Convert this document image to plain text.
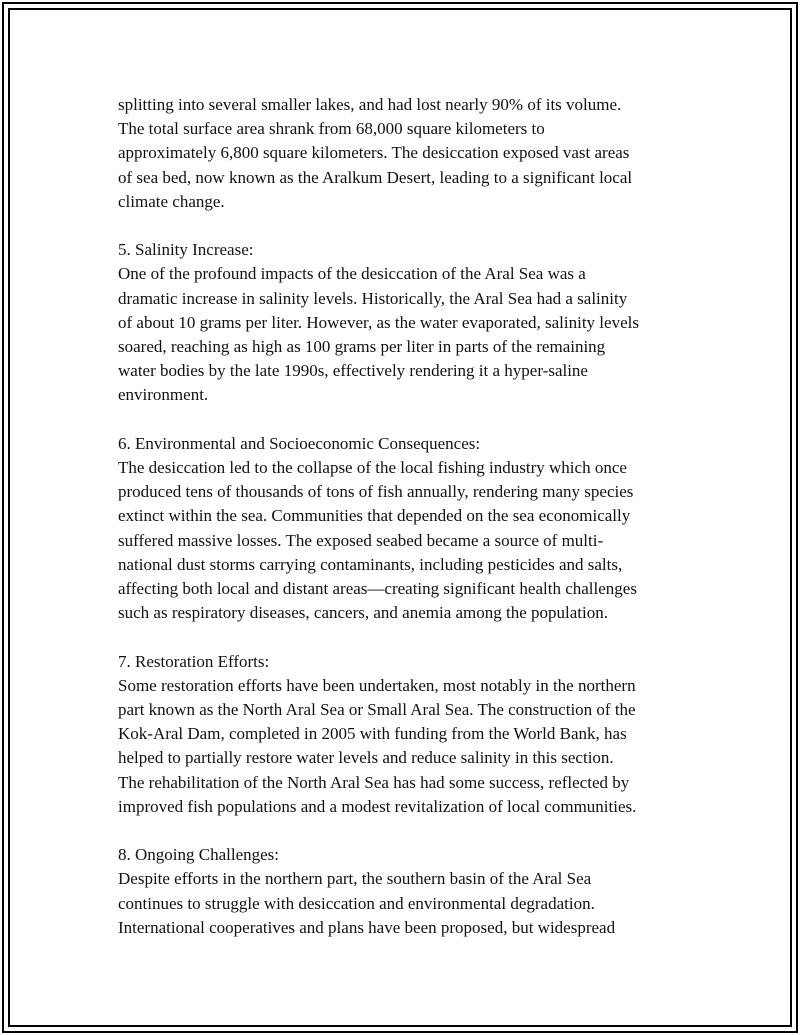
splitting into several smaller lakes, and had lost nearly 90% of its volume.
The total surface area shrank from 68,000 square kilometers to
approximately 6,800 square kilometers. The desiccation exposed vast areas
of sea bed, now known as the Aralkum Desert, leading to a significant local
climate change.
5. Salinity Increase:
One of the profound impacts of the desiccation of the Aral Sea was a
dramatic increase in salinity levels. Historically, the Aral Sea had a salinity
of about 10 grams per liter. However, as the water evaporated, salinity levels
soared, reaching as high as 100 grams per liter in parts of the remaining
water bodies by the late 1990s, effectively rendering it a hyper-saline
environment.
6. Environmental and Socioeconomic Consequences:
The desiccation led to the collapse of the local fishing industry which once
produced tens of thousands of tons of fish annually, rendering many species
extinct within the sea. Communities that depended on the sea economically
suffered massive losses. The exposed seabed became a source of multi-
national dust storms carrying contaminants, including pesticides and salts,
affecting both local and distant areas—creating significant health challenges
such as respiratory diseases, cancers, and anemia among the population.
7. Restoration Efforts:
Some restoration efforts have been undertaken, most notably in the northern
part known as the North Aral Sea or Small Aral Sea. The construction of the
Kok-Aral Dam, completed in 2005 with funding from the World Bank, has
helped to partially restore water levels and reduce salinity in this section.
The rehabilitation of the North Aral Sea has had some success, reflected by
improved fish populations and a modest revitalization of local communities.
8. Ongoing Challenges:
Despite efforts in the northern part, the southern basin of the Aral Sea
continues to struggle with desiccation and environmental degradation.
International cooperatives and plans have been proposed, but widespread
